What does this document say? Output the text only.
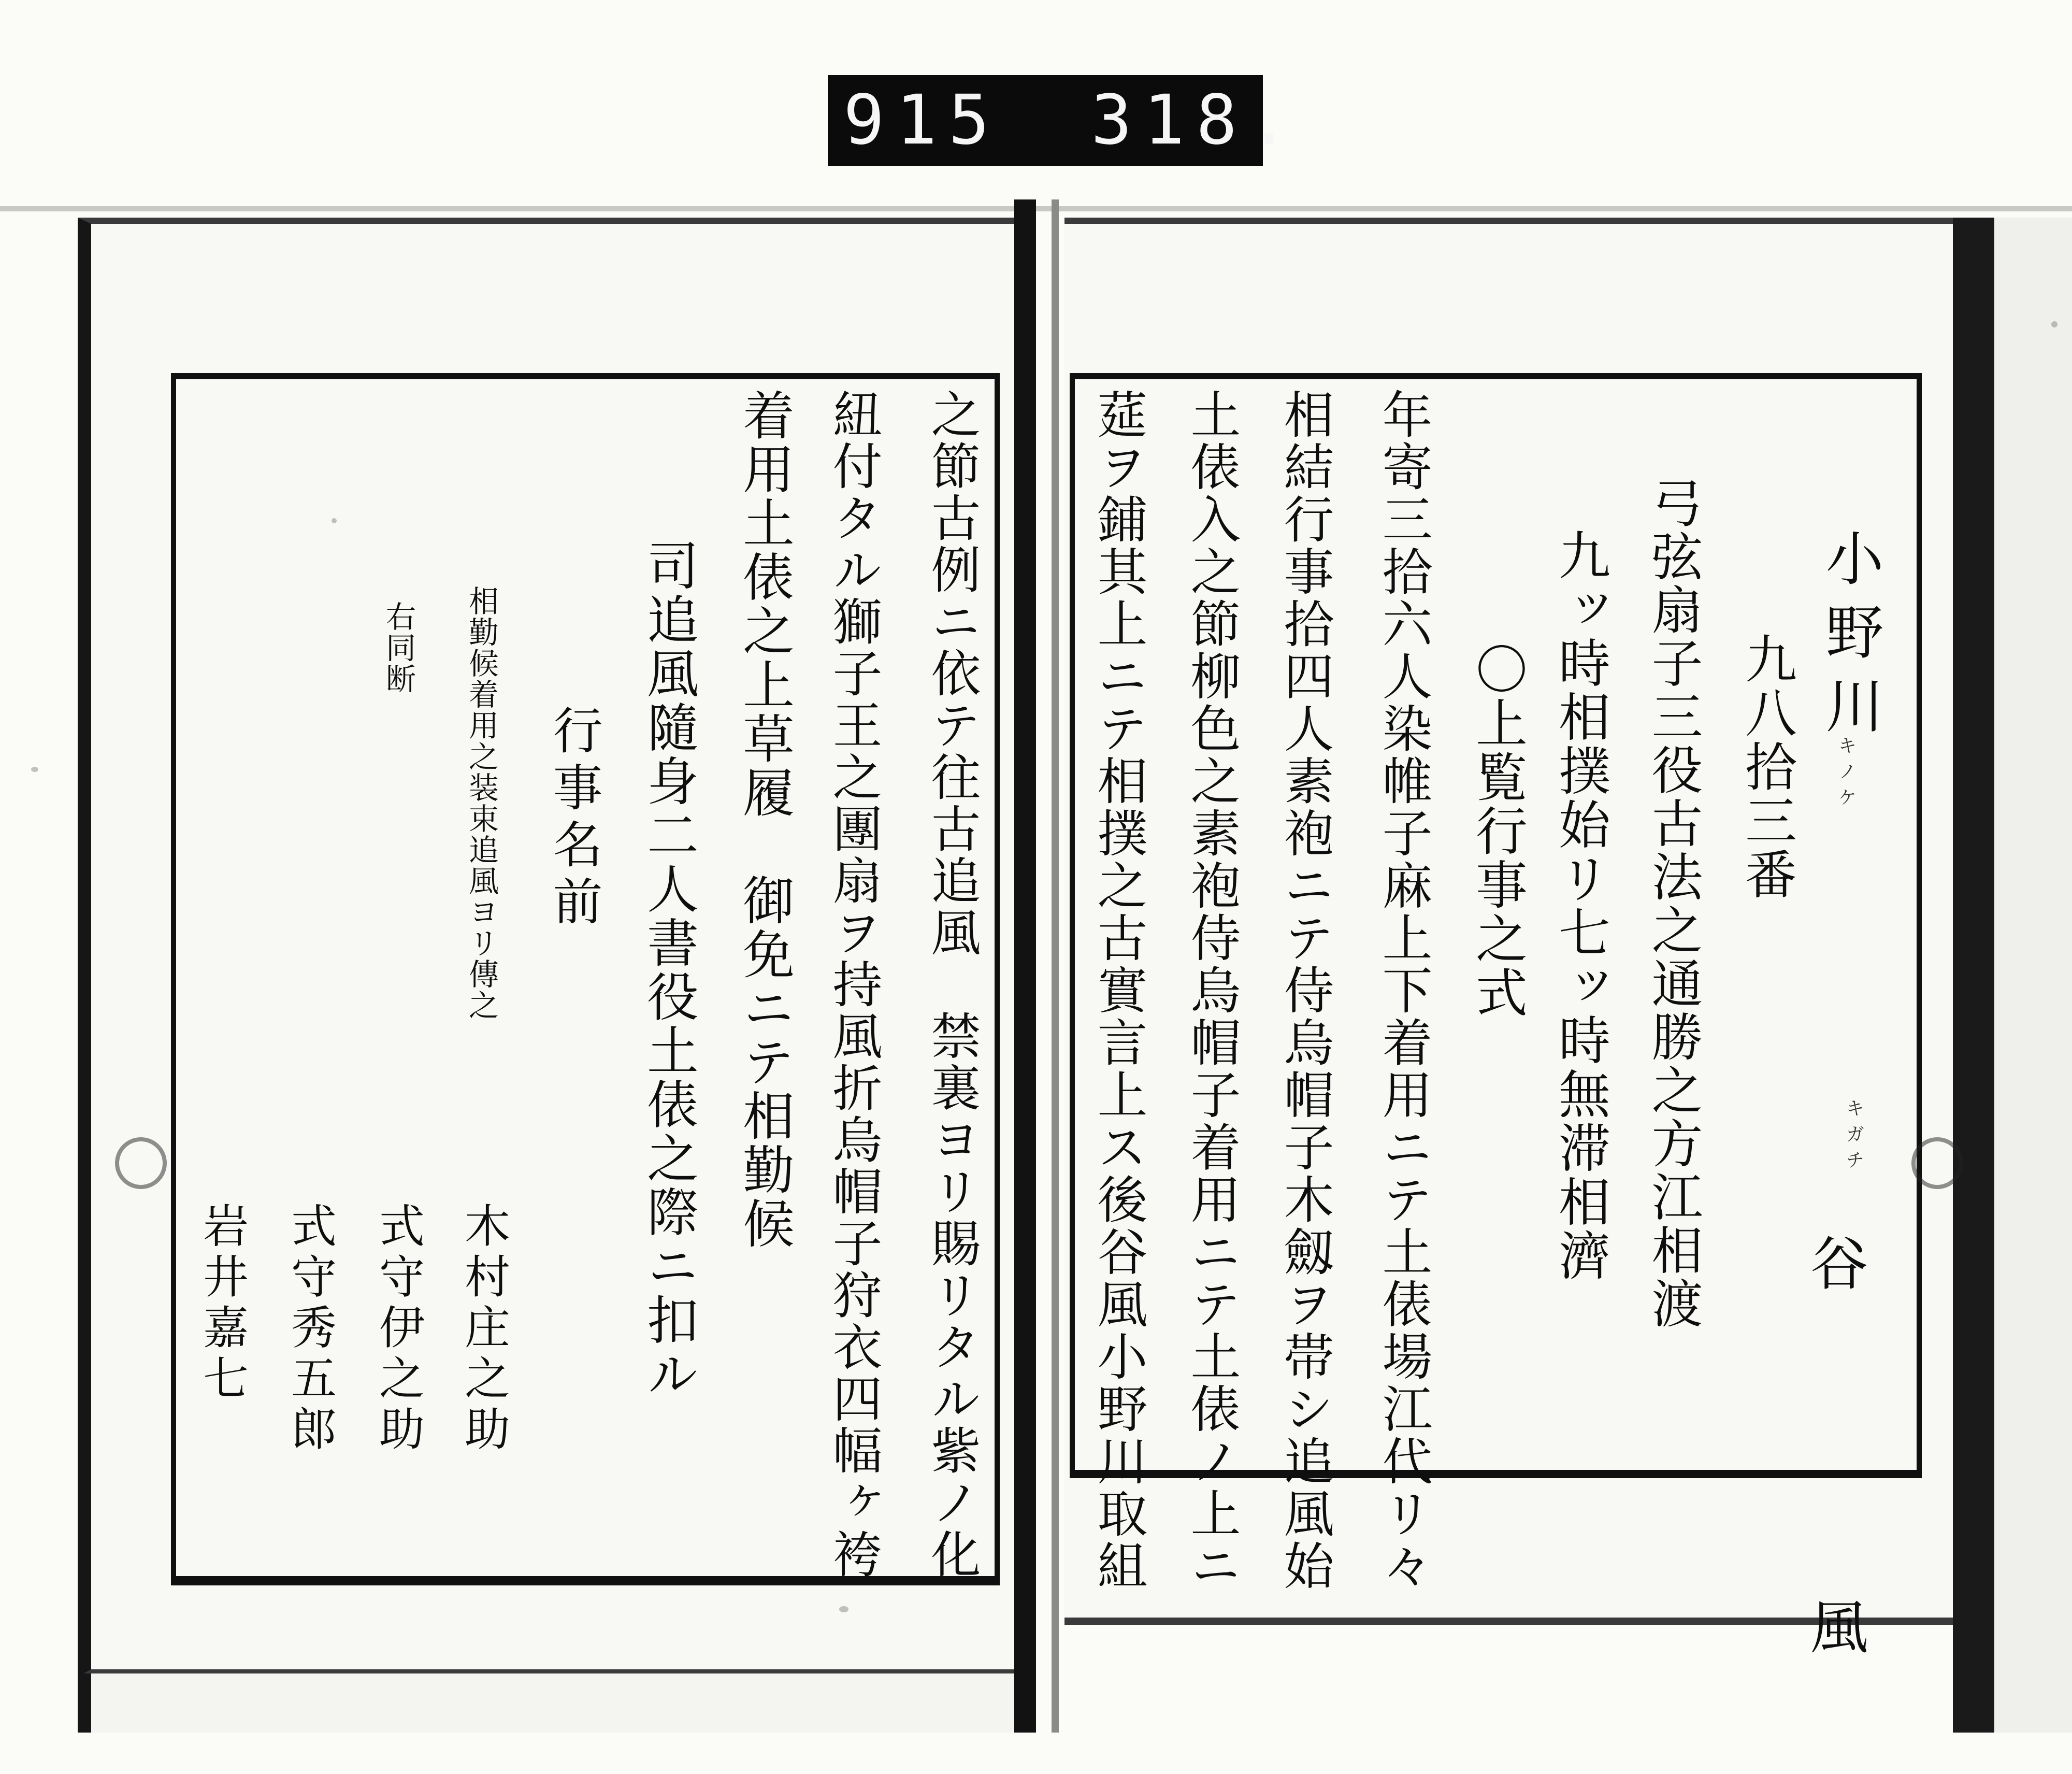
915

318.

小野川
キノケ
キガチ
谷 風
九八拾三番
弓弦扇子三役古法之通勝之方江相渡
九ッ時相撲始リ七ッ時無滞相濟
〇上覧行事之式
年寄三拾六人染帷子麻上下着用ニテ土俵場江代リ々
相結行事拾四人素袍ニテ侍烏帽子木劔ヲ帯シ追風始
土俵入之節柳色之素袍侍烏帽子着用ニテ土俵ノ上ニ
莚ヲ鋪其上ニテ相撲之古實言上ス後谷風小野川取組
之節古例ニ依テ往古追風　禁裏ヨリ賜リタル紫ノ化
紐付タル獅子王之團扇ヲ持風折烏帽子狩衣四幅ヶ袴
着用土俵之上草履　御免ニテ相勤候
司追風隨身二人書役土俵之際ニ扣ル
行事名前
相勤候着用之装束追風ヨリ傳之
右同断
木村庄之助
式守伊之助
式守秀五郎
岩井嘉七
